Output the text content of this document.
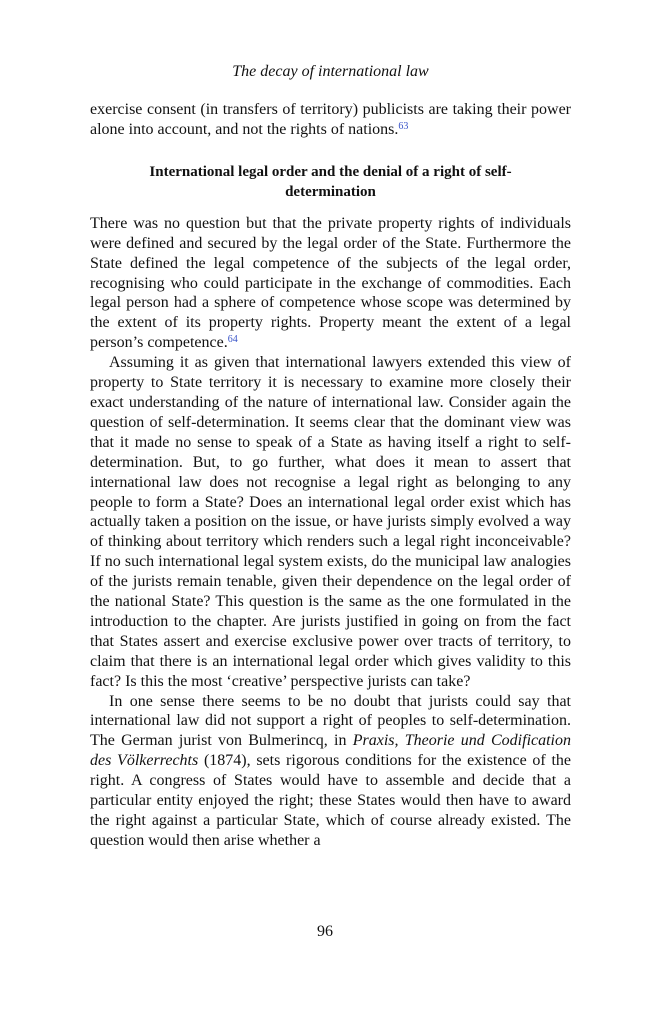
The decay of international law

exercise consent (in transfers of territory) publicists are taking their power alone into account, and not the rights of nations.$^{63}$

International legal order and the denial of a right of self-determination

There was no question but that the private property rights of individuals were defined and secured by the legal order of the State. Furthermore the State defined the legal competence of the subjects of the legal order, recognising who could participate in the exchange of commodities. Each legal person had a sphere of competence whose scope was determined by the extent of its property rights. Property meant the extent of a legal person’s competence.$^{64}$

Assuming it as given that international lawyers extended this view of property to State territory it is necessary to examine more closely their exact understanding of the nature of international law. Consider again the question of self-determination. It seems clear that the dominant view was that it made no sense to speak of a State as having itself a right to self-determination. But, to go further, what does it mean to assert that international law does not recognise a legal right as belonging to any people to form a State? Does an international legal order exist which has actually taken a position on the issue, or have jurists simply evolved a way of thinking about territory which renders such a legal right inconceivable? If no such international legal system exists, do the municipal law analogies of the jurists remain tenable, given their dependence on the legal order of the national State? This question is the same as the one formulated in the introduction to the chapter. Are jurists justified in going on from the fact that States assert and exercise exclusive power over tracts of territory, to claim that there is an international legal order which gives validity to this fact? Is this the most ‘creative’ perspective jurists can take?

In one sense there seems to be no doubt that jurists could say that international law did not support a right of peoples to self-determination. The German jurist von Bulmerincq, in Praxis, Theorie und Codification des Völkerrechts (1874), sets rigorous conditions for the existence of the right. A congress of States would have to assemble and decide that a particular entity enjoyed the right; these States would then have to award the right against a particular State, which of course already existed. The question would then arise whether a

96
